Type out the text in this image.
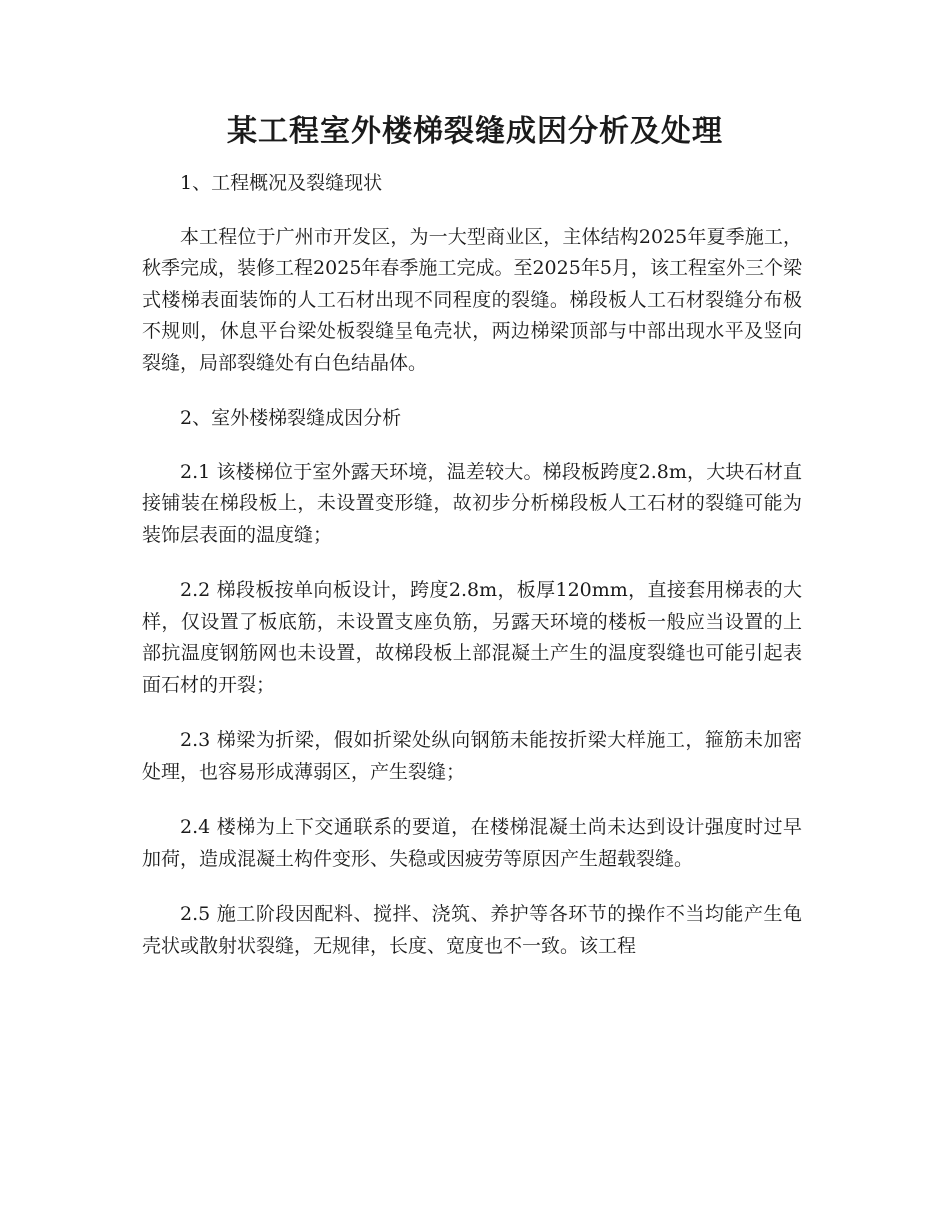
某工程室外楼梯裂缝成因分析及处理

1、工程概况及裂缝现状

本工程位于广州市开发区，为一大型商业区，主体结构2025年夏季施工，秋季完成，装修工程2025年春季施工完成。至2025年5月，该工程室外三个梁式楼梯表面装饰的人工石材出现不同程度的裂缝。梯段板人工石材裂缝分布极不规则，休息平台梁处板裂缝呈龟壳状，两边梯梁顶部与中部出现水平及竖向裂缝，局部裂缝处有白色结晶体。

2、室外楼梯裂缝成因分析

2.1 该楼梯位于室外露天环境，温差较大。梯段板跨度2.8m，大块石材直接铺装在梯段板上，未设置变形缝，故初步分析梯段板人工石材的裂缝可能为装饰层表面的温度缝；

2.2 梯段板按单向板设计，跨度2.8m，板厚120mm，直接套用梯表的大样，仅设置了板底筋，未设置支座负筋，另露天环境的楼板一般应当设置的上部抗温度钢筋网也未设置，故梯段板上部混凝土产生的温度裂缝也可能引起表面石材的开裂；

2.3 梯梁为折梁，假如折梁处纵向钢筋未能按折梁大样施工，箍筋未加密处理，也容易形成薄弱区，产生裂缝；

2.4 楼梯为上下交通联系的要道，在楼梯混凝土尚未达到设计强度时过早加荷，造成混凝土构件变形、失稳或因疲劳等原因产生超载裂缝。

2.5 施工阶段因配料、搅拌、浇筑、养护等各环节的操作不当均能产生龟壳状或散射状裂缝，无规律，长度、宽度也不一致。该工程
